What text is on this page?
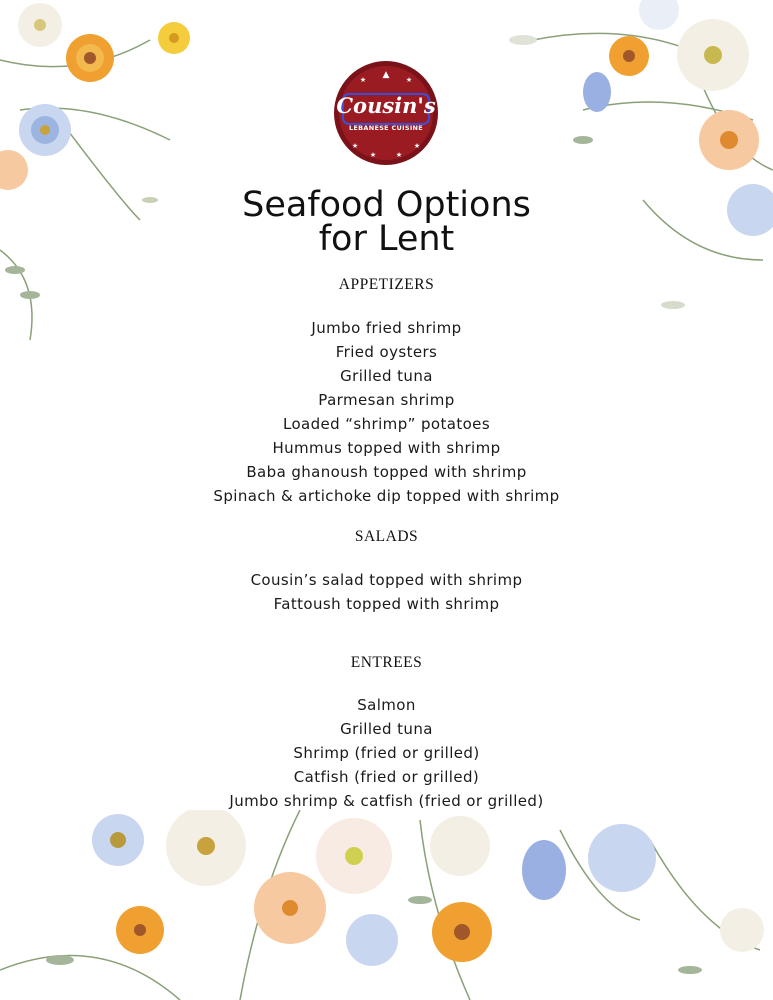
▲
★	★
★
★	★
★
Cousin's
LEBANESE CUISINE
Seafood Options
for Lent
APPETIZERS
Jumbo fried shrimp
Fried oysters
Grilled tuna
Parmesan shrimp
Loaded “shrimp” potatoes
Hummus topped with shrimp
Baba ghanoush topped with shrimp
Spinach & artichoke dip topped with shrimp
SALADS
Cousin’s salad topped with shrimp
Fattoush topped with shrimp
ENTREES
Salmon
Grilled tuna
Shrimp (fried or grilled)
Catfish (fried or grilled)
Jumbo shrimp & catfish (fried or grilled)
